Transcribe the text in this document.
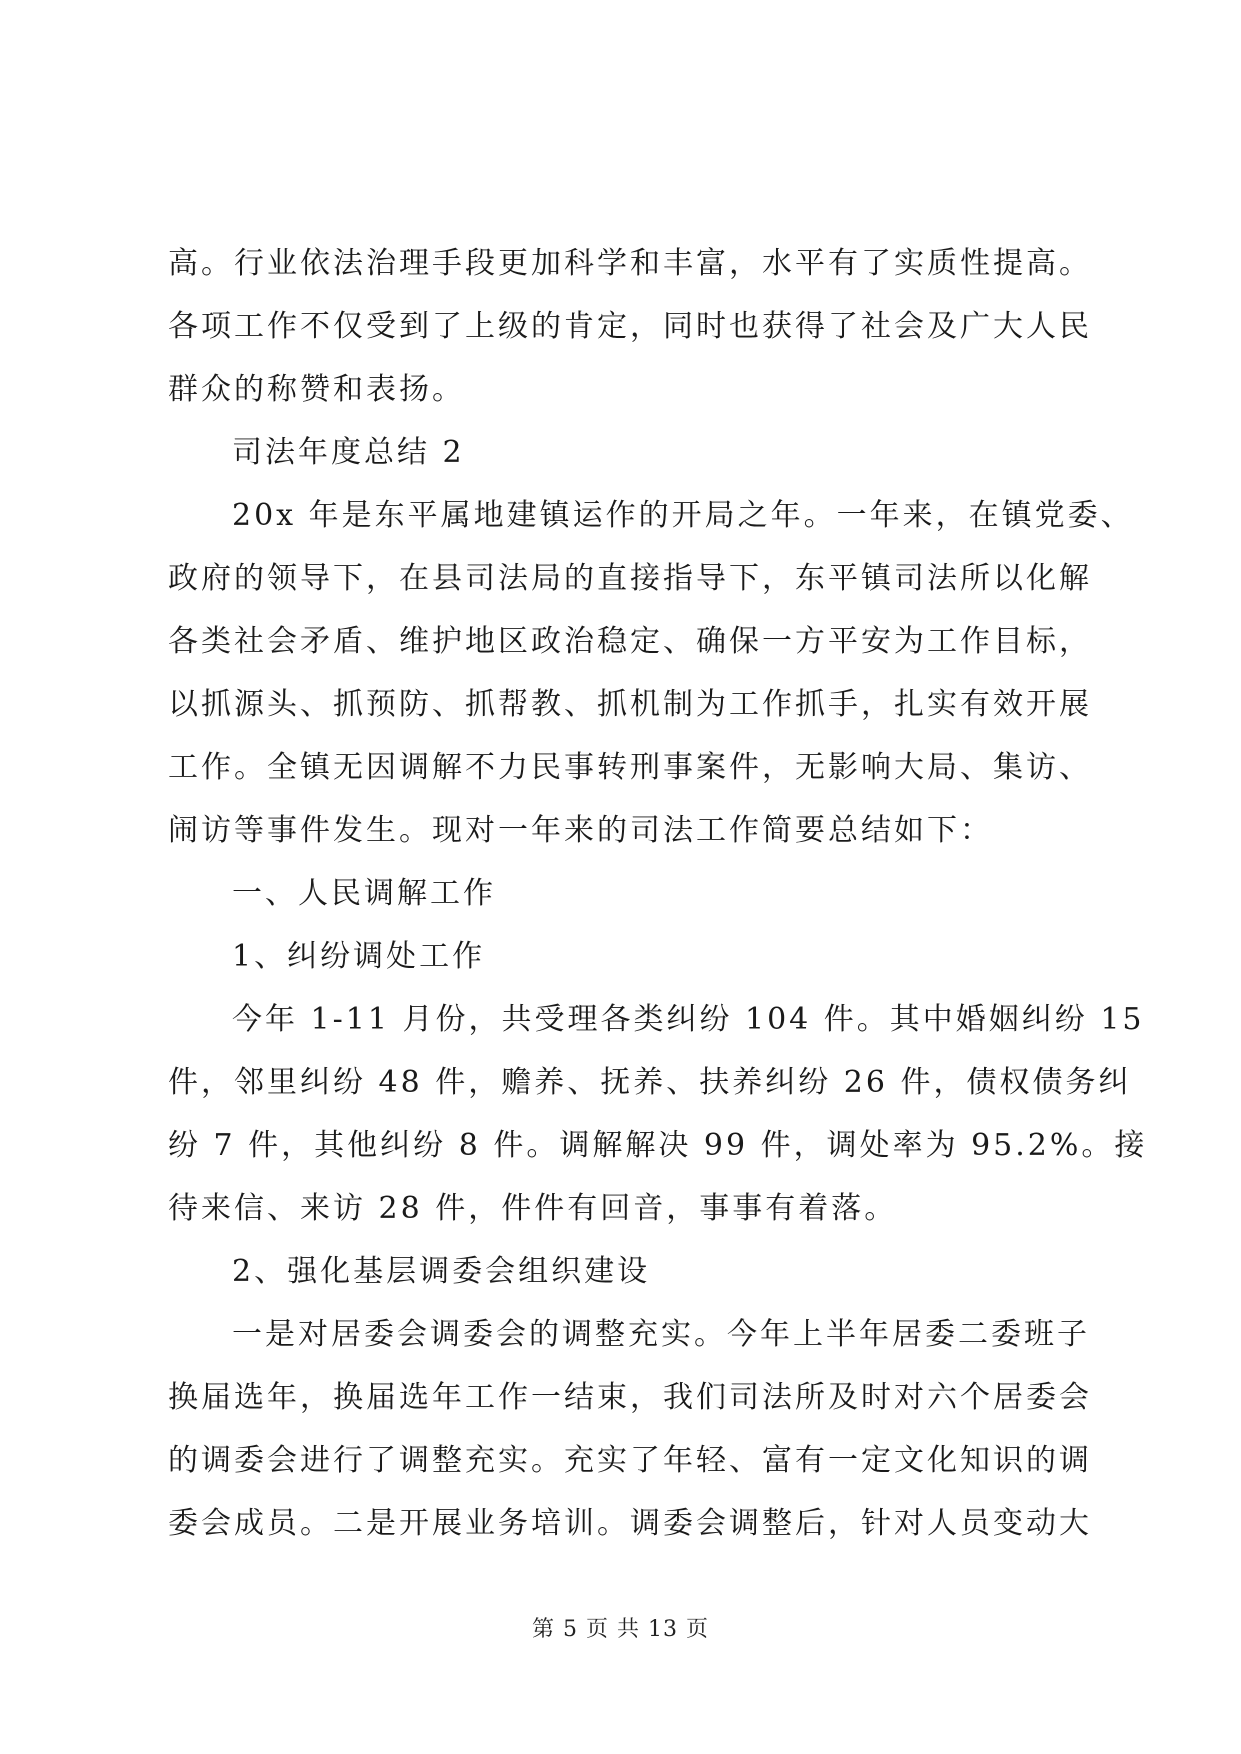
高。行业依法治理手段更加科学和丰富，水平有了实质性提高。
各项工作不仅受到了上级的肯定，同时也获得了社会及广大人民
群众的称赞和表扬。
司法年度总结 2
20x 年是东平属地建镇运作的开局之年。一年来，在镇党委、
政府的领导下，在县司法局的直接指导下，东平镇司法所以化解
各类社会矛盾、维护地区政治稳定、确保一方平安为工作目标，
以抓源头、抓预防、抓帮教、抓机制为工作抓手，扎实有效开展
工作。全镇无因调解不力民事转刑事案件，无影响大局、集访、
闹访等事件发生。现对一年来的司法工作简要总结如下：
一、人民调解工作
1、纠纷调处工作
今年 1-11 月份，共受理各类纠纷 104 件。其中婚姻纠纷 15
件，邻里纠纷 48 件，赡养、抚养、扶养纠纷 26 件，债权债务纠
纷 7 件，其他纠纷 8 件。调解解决 99 件，调处率为 95.2%。接
待来信、来访 28 件，件件有回音，事事有着落。
2、强化基层调委会组织建设
一是对居委会调委会的调整充实。今年上半年居委二委班子
换届选年，换届选年工作一结束，我们司法所及时对六个居委会
的调委会进行了调整充实。充实了年轻、富有一定文化知识的调
委会成员。二是开展业务培训。调委会调整后，针对人员变动大
第 5 页 共 13 页
